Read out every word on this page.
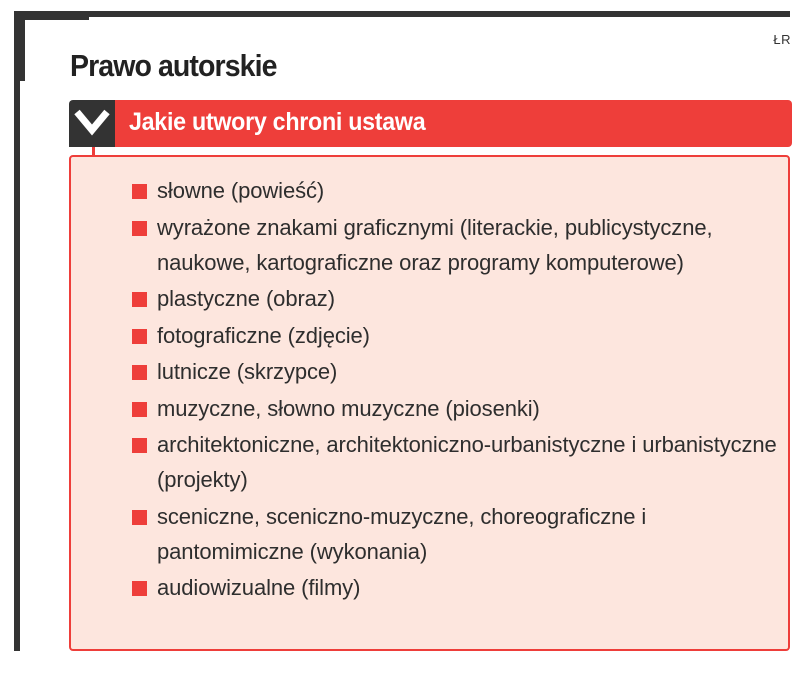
ŁR
Prawo autorskie
Jakie utwory chroni ustawa
słowne (powieść)
wyrażone znakami graficznymi (literackie, publicystyczne, naukowe, kartograficzne oraz programy komputerowe)
plastyczne (obraz)
fotograficzne (zdjęcie)
lutnicze (skrzypce)
muzyczne, słowno muzyczne (piosenki)
architektoniczne, architektoniczno-urbanistyczne i urbanistyczne (projekty)
sceniczne, sceniczno-muzyczne, choreograficzne i pantomimiczne (wykonania)
audiowizualne (filmy)
